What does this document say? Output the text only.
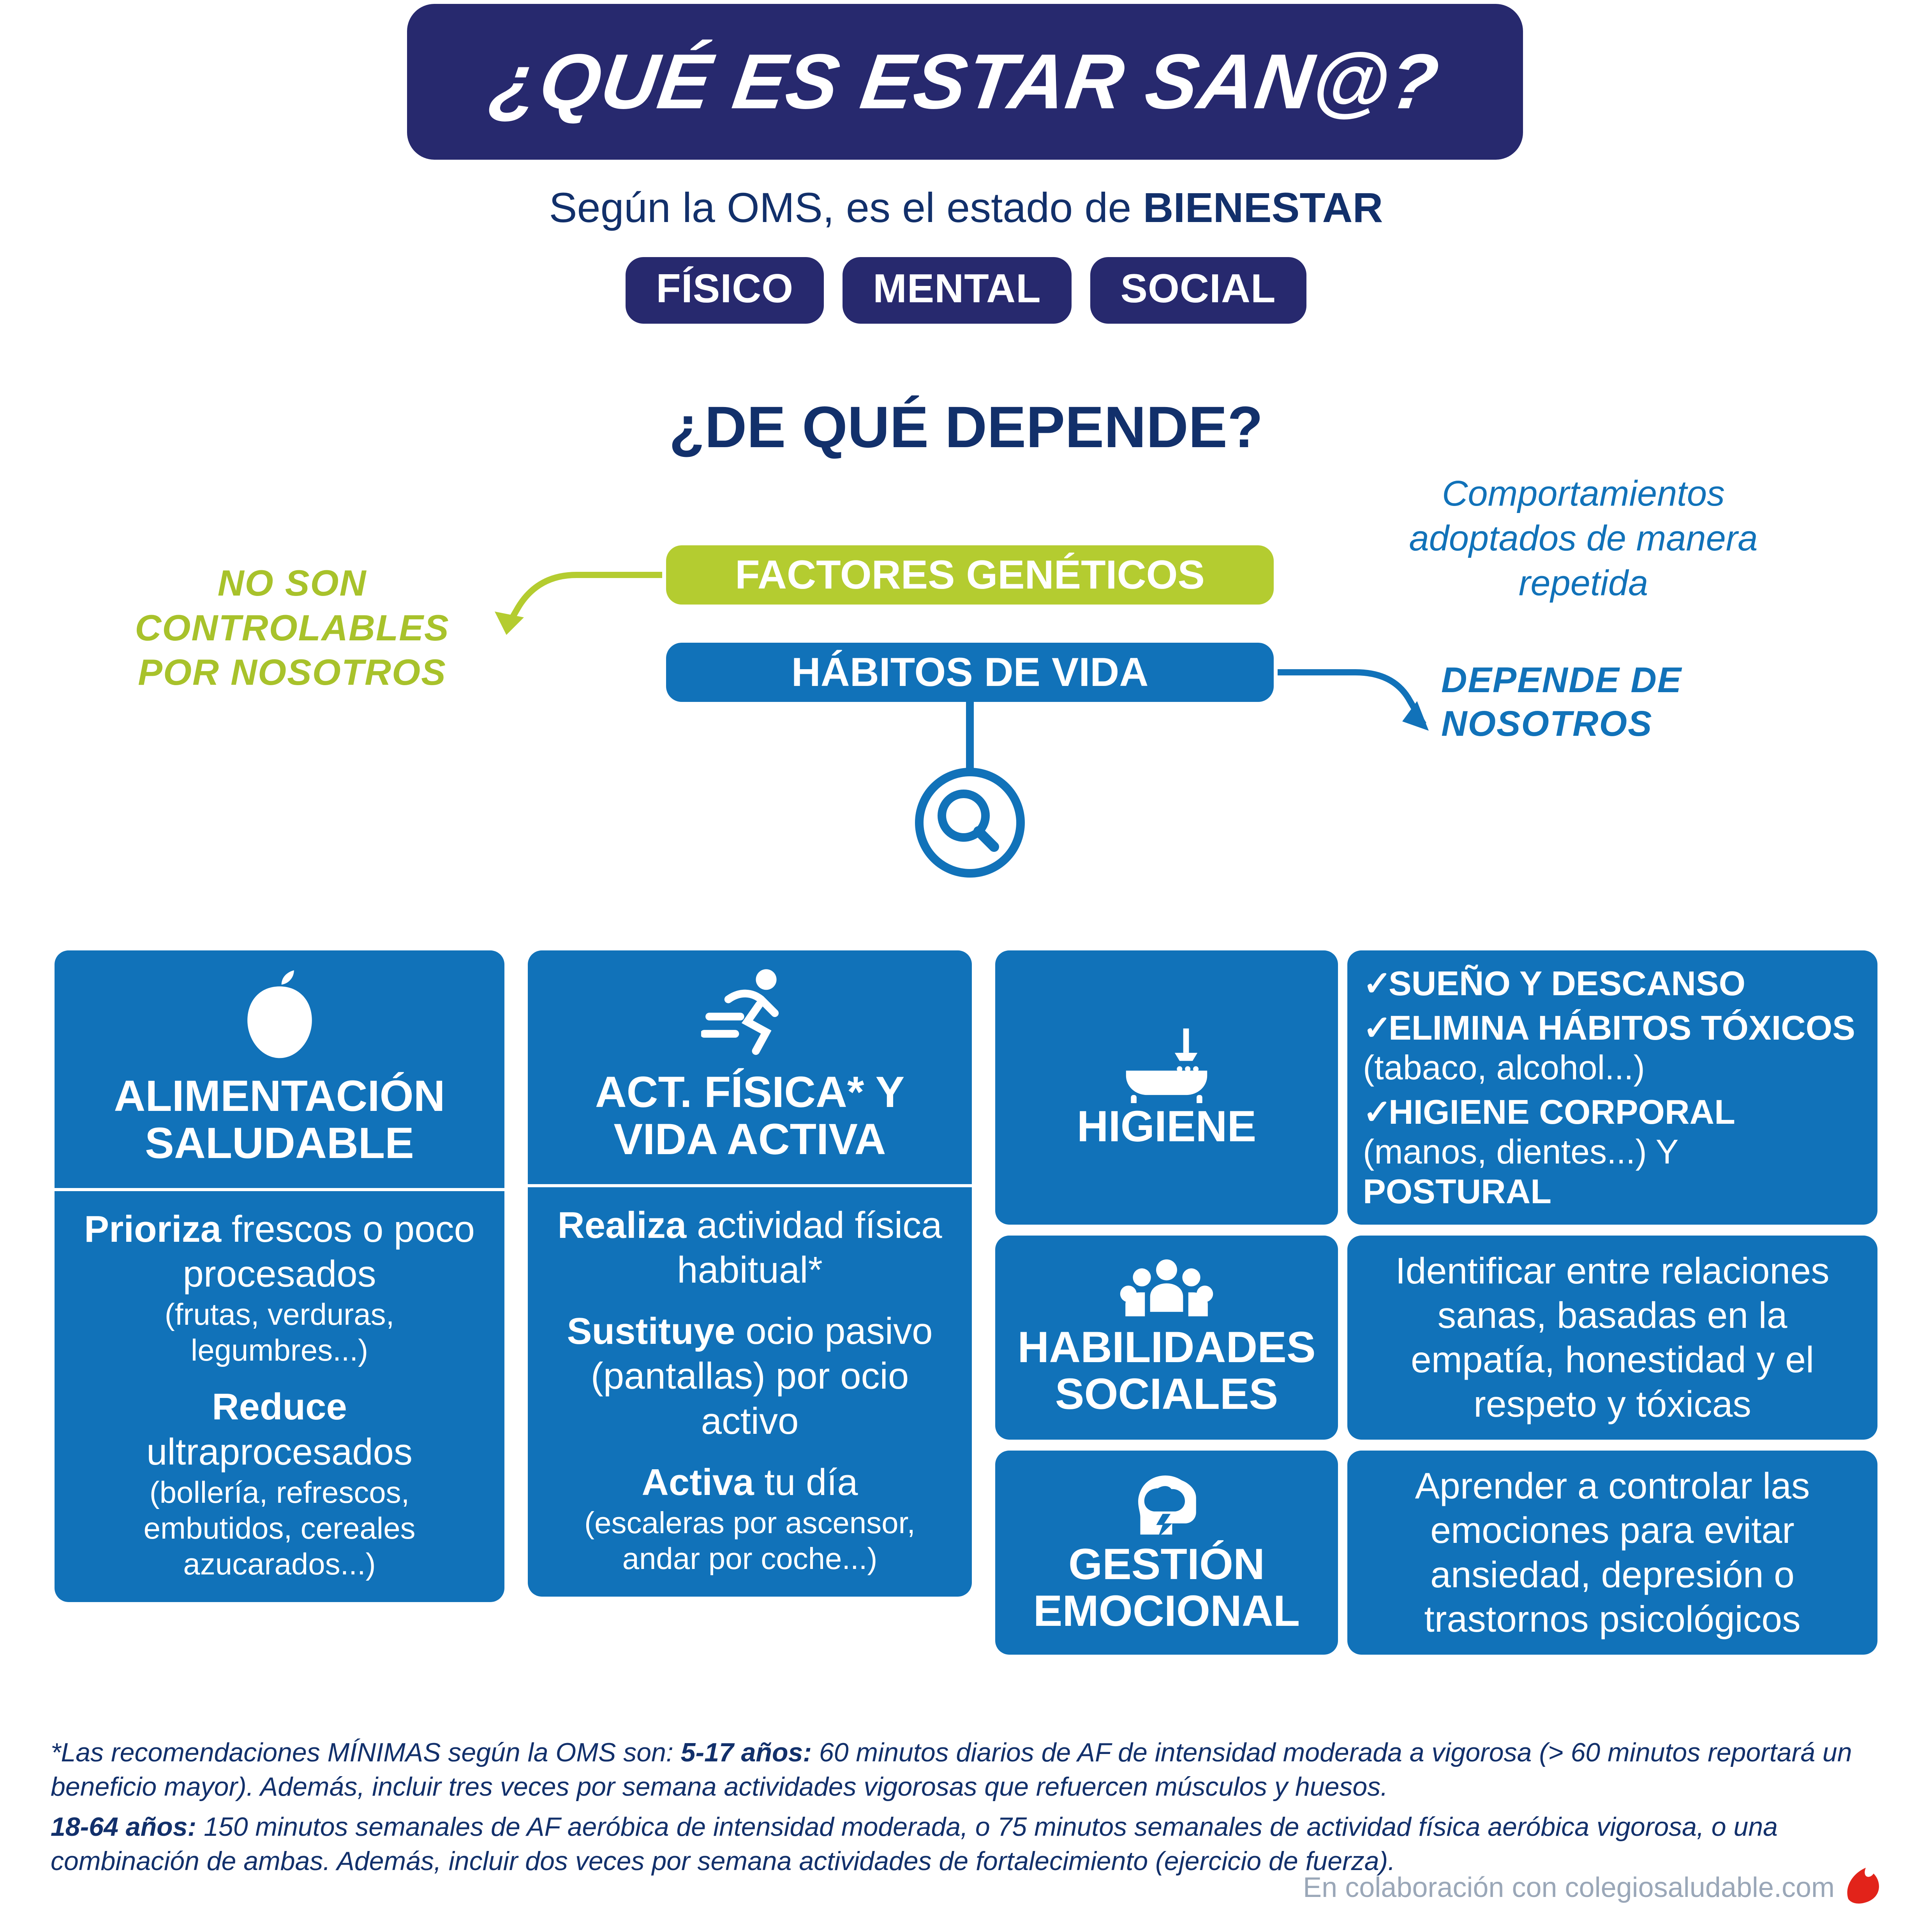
¿QUÉ ES ESTAR SAN@?
Según la OMS, es el estado de BIENESTAR
FÍSICO	MENTAL	SOCIAL
¿DE QUÉ DEPENDE?
NO SON CONTROLABLES POR NOSOTROS
Comportamientos adoptados de manera repetida
DEPENDE DE NOSOTROS
FACTORES GENÉTICOS
HÁBITOS DE VIDA
ALIMENTACIÓN SALUDABLE

Prioriza frescos o poco procesados
(frutas, verduras, legumbres...)

Reduce
ultraprocesados
(bollería, refrescos, embutidos, cereales azucarados...)

ACT. FÍSICA* Y VIDA ACTIVA

Realiza actividad física habitual*

Sustituye ocio pasivo (pantallas) por ocio activo

Activa tu día
(escaleras por ascensor, andar por coche...)

HIGIENE
✓SUEÑO Y DESCANSO
✓ELIMINA HÁBITOS TÓXICOS (tabaco, alcohol...)
✓HIGIENE CORPORAL (manos, dientes...) Y POSTURAL
HABILIDADES SOCIALES
Identificar entre relaciones sanas, basadas en la empatía, honestidad y el respeto y tóxicas
GESTIÓN EMOCIONAL
Aprender a controlar las emociones para evitar ansiedad, depresión o trastornos psicológicos

*Las recomendaciones MÍNIMAS según la OMS son: 5-17 años: 60 minutos diarios de AF de intensidad moderada a vigorosa (> 60 minutos reportará un beneficio mayor). Además, incluir tres veces por semana actividades vigorosas que refuercen músculos y huesos.

18-64 años: 150 minutos semanales de AF aeróbica de intensidad moderada, o 75 minutos semanales de actividad física aeróbica vigorosa, o una combinación de ambas. Además, incluir dos veces por semana actividades de fortalecimiento (ejercicio de fuerza).

En colaboración con colegiosaludable.com
